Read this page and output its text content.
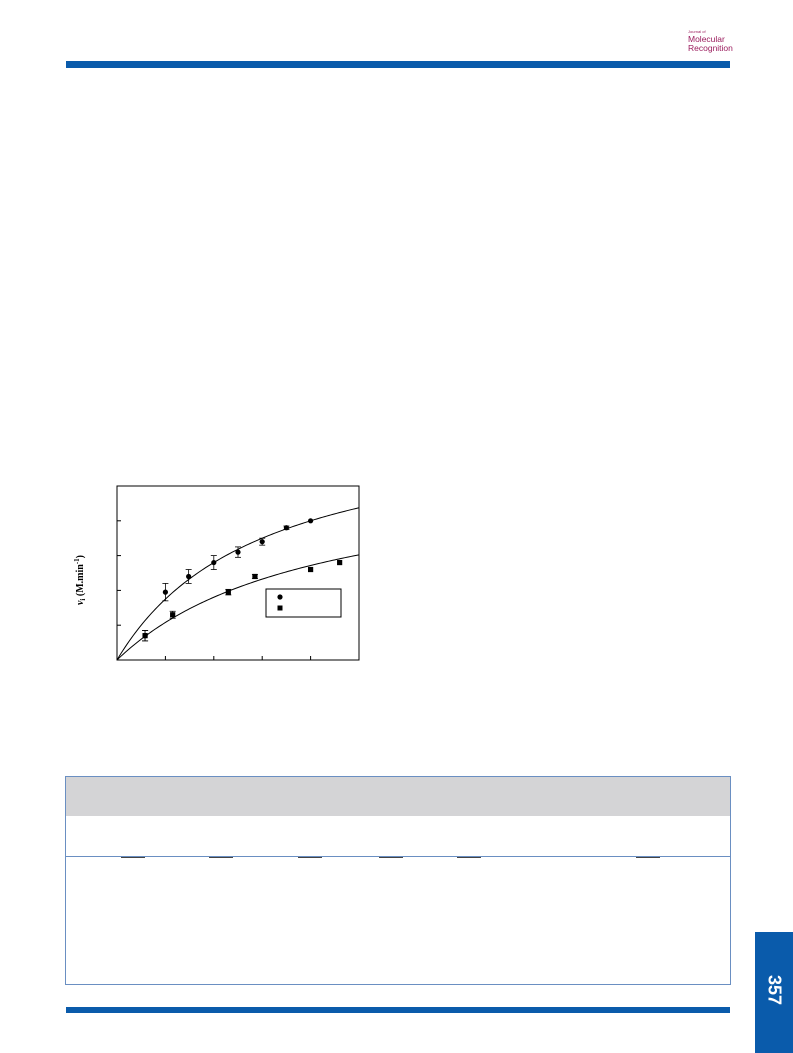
Journal of
Molecular
Recognition
$v_i$ $(M.\min^{-1})$
357
